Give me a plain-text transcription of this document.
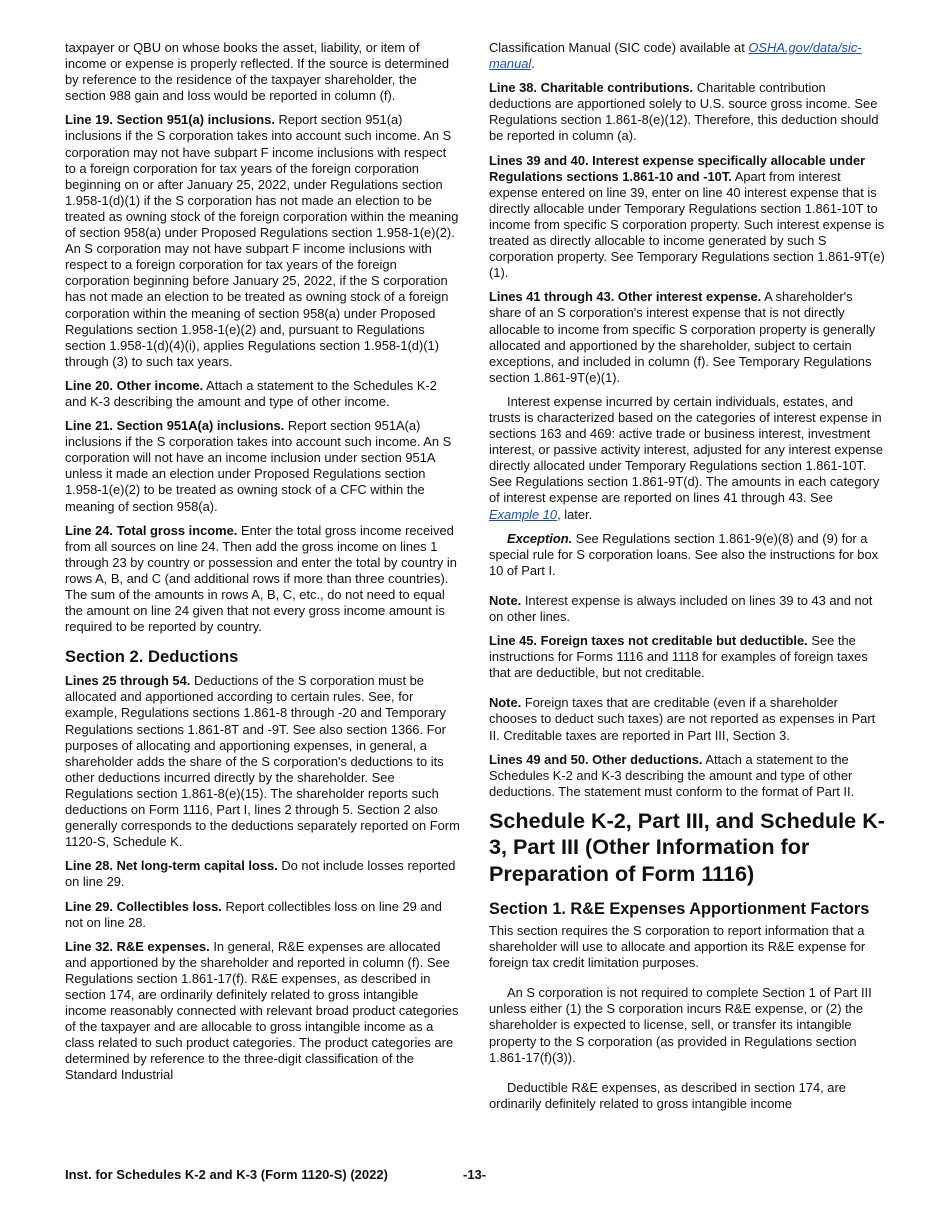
taxpayer or QBU on whose books the asset, liability, or item of income or expense is properly reflected. If the source is determined by reference to the residence of the taxpayer shareholder, the section 988 gain and loss would be reported in column (f).

Line 19. Section 951(a) inclusions. Report section 951(a) inclusions if the S corporation takes into account such income. An S corporation may not have subpart F income inclusions with respect to a foreign corporation for tax years of the foreign corporation beginning on or after January 25, 2022, under Regulations section 1.958-1(d)(1) if the S corporation has not made an election to be treated as owning stock of the foreign corporation within the meaning of section 958(a) under Proposed Regulations section 1.958-1(e)(2). An S corporation may not have subpart F income inclusions with respect to a foreign corporation for tax years of the foreign corporation beginning before January 25, 2022, if the S corporation has not made an election to be treated as owning stock of a foreign corporation within the meaning of section 958(a) under Proposed Regulations section 1.958-1(e)(2) and, pursuant to Regulations section 1.958-1(d)(4)(i), applies Regulations section 1.958-1(d)(1) through (3) to such tax years.

Line 20. Other income. Attach a statement to the Schedules K-2 and K-3 describing the amount and type of other income.

Line 21. Section 951A(a) inclusions. Report section 951A(a) inclusions if the S corporation takes into account such income. An S corporation will not have an income inclusion under section 951A unless it made an election under Proposed Regulations section 1.958-1(e)(2) to be treated as owning stock of a CFC within the meaning of section 958(a).

Line 24. Total gross income. Enter the total gross income received from all sources on line 24. Then add the gross income on lines 1 through 23 by country or possession and enter the total by country in rows A, B, and C (and additional rows if more than three countries). The sum of the amounts in rows A, B, C, etc., do not need to equal the amount on line 24 given that not every gross income amount is required to be reported by country.

Section 2. Deductions

Lines 25 through 54. Deductions of the S corporation must be allocated and apportioned according to certain rules. See, for example, Regulations sections 1.861-8 through -20 and Temporary Regulations sections 1.861-8T and -9T. See also section 1366. For purposes of allocating and apportioning expenses, in general, a shareholder adds the share of the S corporation's deductions to its other deductions incurred directly by the shareholder. See Regulations section 1.861-8(e)(15). The shareholder reports such deductions on Form 1116, Part I, lines 2 through 5. Section 2 also generally corresponds to the deductions separately reported on Form 1120-S, Schedule K.

Line 28. Net long-term capital loss. Do not include losses reported on line 29.

Line 29. Collectibles loss. Report collectibles loss on line 29 and not on line 28.

Line 32. R&E expenses. In general, R&E expenses are allocated and apportioned by the shareholder and reported in column (f). See Regulations section 1.861-17(f). R&E expenses, as described in section 174, are ordinarily definitely related to gross intangible income reasonably connected with relevant broad product categories of the taxpayer and are allocable to gross intangible income as a class related to such product categories. The product categories are determined by reference to the three-digit classification of the Standard Industrial

Classification Manual (SIC code) available at OSHA.gov/data/sic-manual.

Line 38. Charitable contributions. Charitable contribution deductions are apportioned solely to U.S. source gross income. See Regulations section 1.861-8(e)(12). Therefore, this deduction should be reported in column (a).

Lines 39 and 40. Interest expense specifically allocable under Regulations sections 1.861-10 and -10T. Apart from interest expense entered on line 39, enter on line 40 interest expense that is directly allocable under Temporary Regulations section 1.861-10T to income from specific S corporation property. Such interest expense is treated as directly allocable to income generated by such S corporation property. See Temporary Regulations section 1.861-9T(e)(1).

Lines 41 through 43. Other interest expense. A shareholder's share of an S corporation's interest expense that is not directly allocable to income from specific S corporation property is generally allocated and apportioned by the shareholder, subject to certain exceptions, and included in column (f). See Temporary Regulations section 1.861-9T(e)(1).

Interest expense incurred by certain individuals, estates, and trusts is characterized based on the categories of interest expense in sections 163 and 469: active trade or business interest, investment interest, or passive activity interest, adjusted for any interest expense directly allocated under Temporary Regulations section 1.861-10T. See Regulations section 1.861-9T(d). The amounts in each category of interest expense are reported on lines 41 through 43. See Example 10, later.

Exception. See Regulations section 1.861-9(e)(8) and (9) for a special rule for S corporation loans. See also the instructions for box 10 of Part I.

Note. Interest expense is always included on lines 39 to 43 and not on other lines.

Line 45. Foreign taxes not creditable but deductible. See the instructions for Forms 1116 and 1118 for examples of foreign taxes that are deductible, but not creditable.

Note. Foreign taxes that are creditable (even if a shareholder chooses to deduct such taxes) are not reported as expenses in Part II. Creditable taxes are reported in Part III, Section 3.

Lines 49 and 50. Other deductions. Attach a statement to the Schedules K-2 and K-3 describing the amount and type of other deductions. The statement must conform to the format of Part II.

Schedule K-2, Part III, and Schedule K-3, Part III (Other Information for Preparation of Form 1116)
Section 1. R&E Expenses Apportionment Factors

This section requires the S corporation to report information that a shareholder will use to allocate and apportion its R&E expense for foreign tax credit limitation purposes.

An S corporation is not required to complete Section 1 of Part III unless either (1) the S corporation incurs R&E expense, or (2) the shareholder is expected to license, sell, or transfer its intangible property to the S corporation (as provided in Regulations section 1.861-17(f)(3)).

Deductible R&E expenses, as described in section 174, are ordinarily definitely related to gross intangible income

Inst. for Schedules K-2 and K-3 (Form 1120-S) (2022)	-13-
